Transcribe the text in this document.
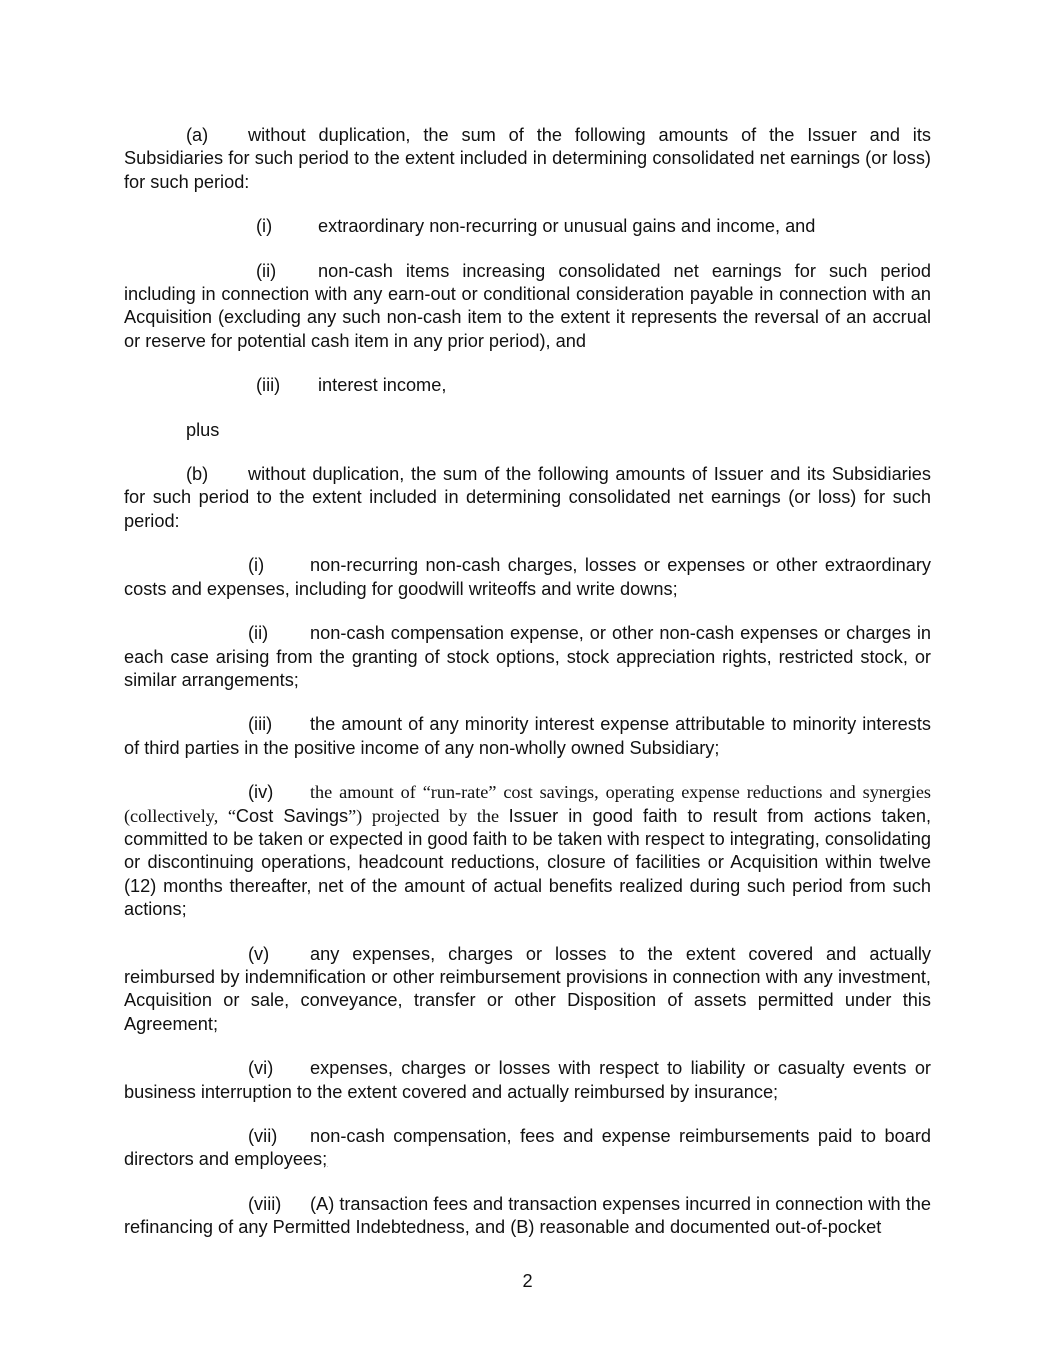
(a) without duplication, the sum of the following amounts of the Issuer and its Subsidiaries for such period to the extent included in determining consolidated net earnings (or loss) for such period:

(i)	extraordinary non-recurring or unusual gains and income, and

(ii) non-cash items increasing consolidated net earnings for such period including in connection with any earn-out or conditional consideration payable in connection with an Acquisition (excluding any such non-cash item to the extent it represents the reversal of an accrual or reserve for potential cash item in any prior period), and

(iii) interest income,

plus

(b) without duplication, the sum of the following amounts of Issuer and its Subsidiaries for such period to the extent included in determining consolidated net earnings (or loss) for such period:

(i)	non-recurring non-cash charges, losses or expenses or other extraordinary costs and expenses, including for goodwill writeoffs and write downs;

(ii) non-cash compensation expense, or other non-cash expenses or charges in each case arising from the granting of stock options, stock appreciation rights, restricted stock, or similar arrangements;

(iii) the amount of any minority interest expense attributable to minority interests of third parties in the positive income of any non-wholly owned Subsidiary;

(iv) the amount of “run-rate” cost savings, operating expense reductions and synergies (collectively, “Cost Savings”) projected by the Issuer in good faith to result from actions taken, committed to be taken or expected in good faith to be taken with respect to integrating, consolidating or discontinuing operations, headcount reductions, closure of facilities or Acquisition within twelve (12) months thereafter, net of the amount of actual benefits realized during such period from such actions;

(v) any expenses, charges or losses to the extent covered and actually reimbursed by indemnification or other reimbursement provisions in connection with any investment, Acquisition or sale, conveyance, transfer or other Disposition of assets permitted under this Agreement;

(vi) expenses, charges or losses with respect to liability or casualty events or business interruption to the extent covered and actually reimbursed by insurance;

(vii) non-cash compensation, fees and expense reimbursements paid to board directors and employees;

(viii) (A) transaction fees and transaction expenses incurred in connection with the refinancing of any Permitted Indebtedness, and (B) reasonable and documented out-of-pocket

2
